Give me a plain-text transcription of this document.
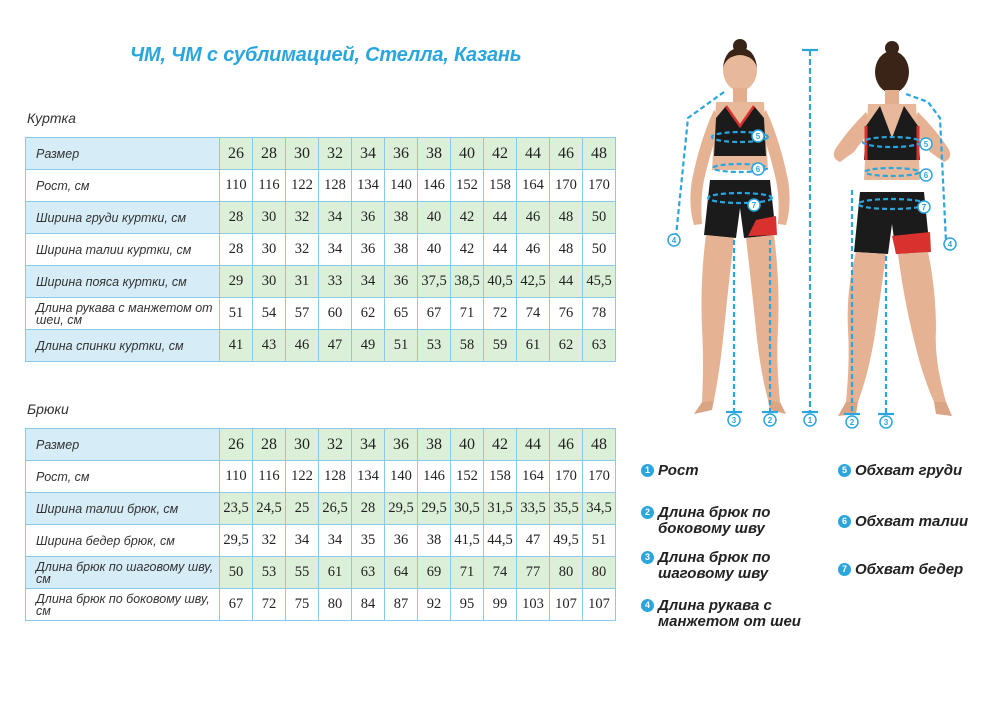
ЧМ, ЧМ с сублимацией, Стелла, Казань
Куртка
Размер	26	28	30	32	34	36	38	40	42	44	46	48
Рост, см	110	116	122	128	134	140	146	152	158	164	170	170
Ширина груди куртки, см	28	30	32	34	36	38	40	42	44	46	48	50
Ширина талии куртки, см	28	30	32	34	36	38	40	42	44	46	48	50
Ширина пояса куртки, см	29	30	31	33	34	36	37,5	38,5	40,5	42,5	44	45,5
Длина рукава с манжетом от шеи, см	51	54	57	60	62	65	67	71	72	74	76	78
Длина спинки куртки, см	41	43	46	47	49	51	53	58	59	61	62	63
Брюки
Размер	26	28	30	32	34	36	38	40	42	44	46	48
Рост, см	110	116	122	128	134	140	146	152	158	164	170	170
Ширина талии брюк, см	23,5	24,5	25	26,5	28	29,5	29,5	30,5	31,5	33,5	35,5	34,5
Ширина бедер брюк, см	29,5	32	34	34	35	36	38	41,5	44,5	47	49,5	51
Длина брюк по шаговому шву, см	50	53	55	61	63	64	69	71	74	77	80	80
Длина брюк по боковому шву, см	67	72	75	80	84	87	92	95	99	103	107	107
5
6
7
4
3	2	1
5
6
7
4
2	3
1 Рост
2 Длина брюк по боковому шву
3 Длина брюк по шаговому шву
4 Длина рукава с манжетом от шеи
5 Обхват груди
6 Обхват талии
7 Обхват бедер
